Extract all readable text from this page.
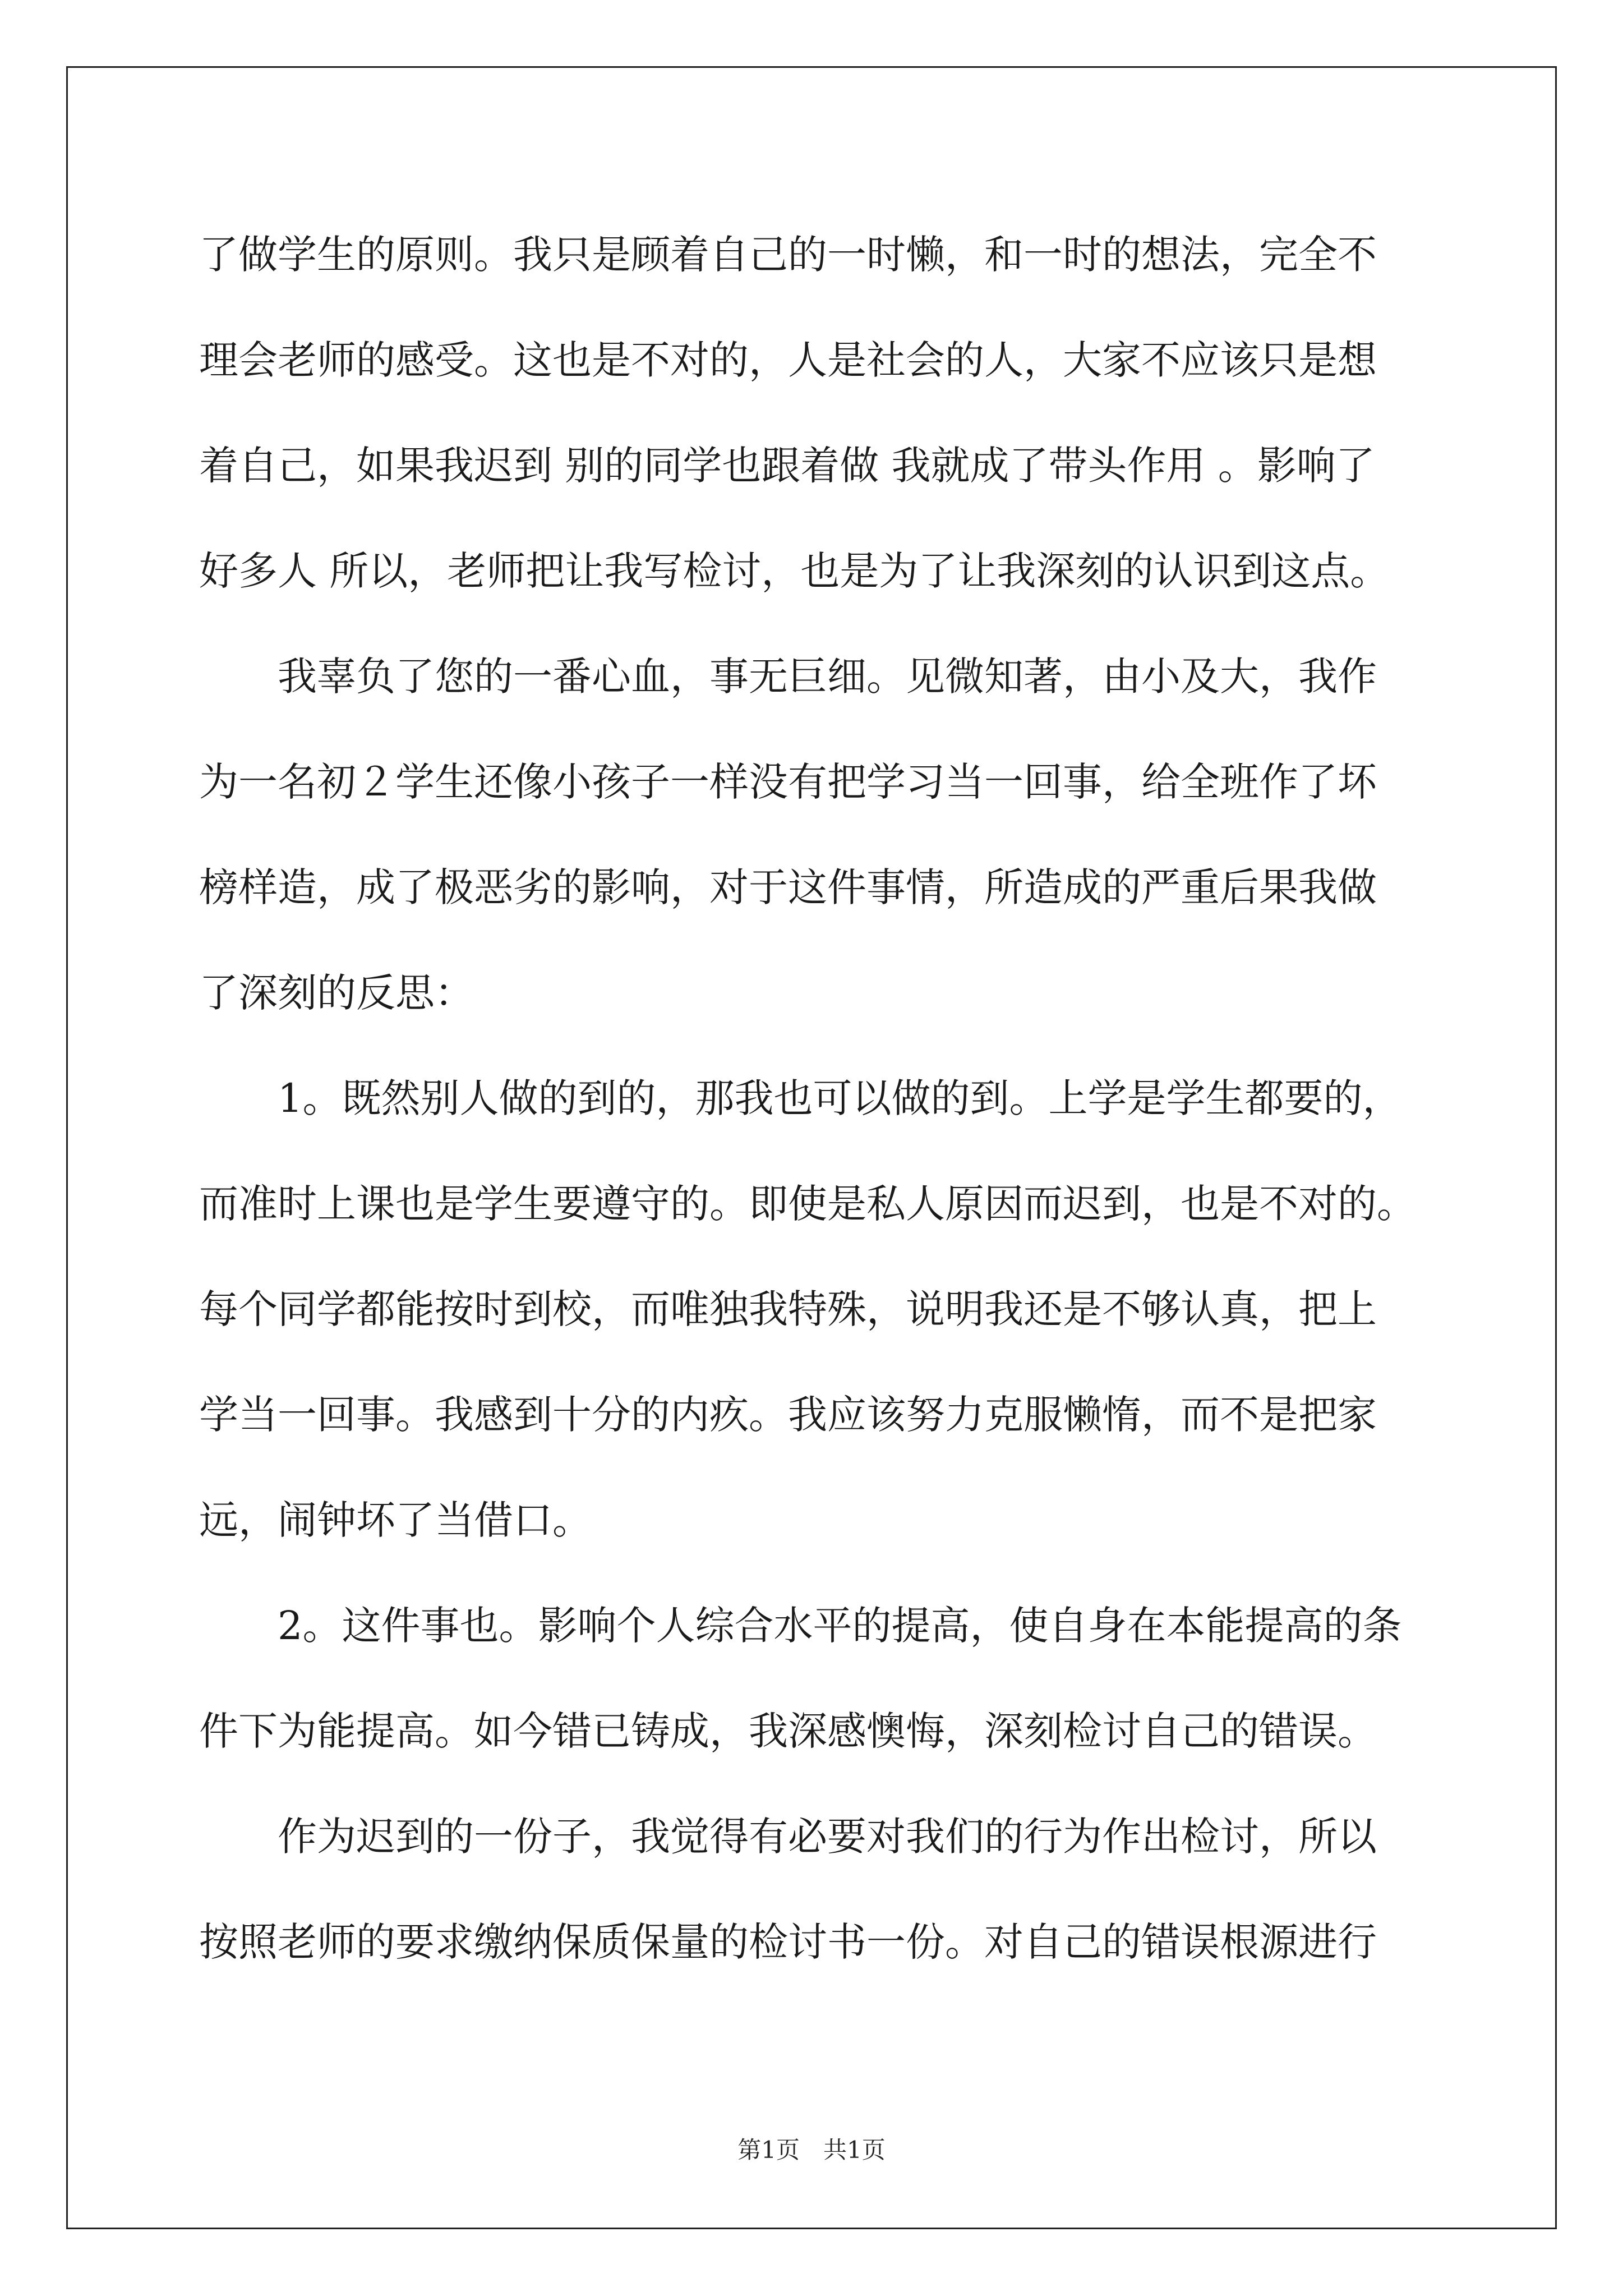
了做学生的原则。我只是顾着自己的一时懒，和一时的想法，完全不
理会老师的感受。这也是不对的，人是社会的人，大家不应该只是想
着自己，如果我迟到 别的同学也跟着做 我就成了带头作用 。影响了
好多人 所以，老师把让我写检讨，也是为了让我深刻的认识到这点。
我辜负了您的一番心血，事无巨细。见微知著，由小及大，我作
为一名初２学生还像小孩子一样没有把学习当一回事，给全班作了坏
榜样造，成了极恶劣的影响，对于这件事情，所造成的严重后果我做
了深刻的反思：
1。既然别人做的到的，那我也可以做的到。上学是学生都要的，
而准时上课也是学生要遵守的。即使是私人原因而迟到，也是不对的。
每个同学都能按时到校，而唯独我特殊，说明我还是不够认真，把上
学当一回事。我感到十分的内疚。我应该努力克服懒惰，而不是把家
远，闹钟坏了当借口。
2。这件事也。影响个人综合水平的提高，使自身在本能提高的条
件下为能提高。如今错已铸成，我深感懊悔，深刻检讨自己的错误。
作为迟到的一份子，我觉得有必要对我们的行为作出检讨，所以
按照老师的要求缴纳保质保量的检讨书一份。对自己的错误根源进行
第1页 共1页
